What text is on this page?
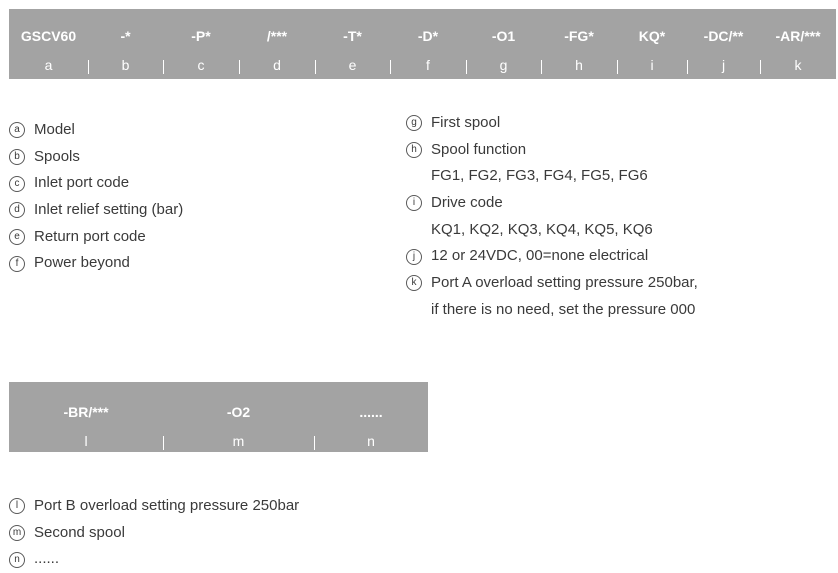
GSCV60	-*	-P*	/***	-T*	-D*	-O1	-FG*	KQ*	-DC/**	-AR/***
a	b	c	d	e	f	g	h	i	j	k
a Model
b Spools
c Inlet port code
d Inlet relief setting (bar)
e Return port code
f	Power beyond
g First spool
h Spool function
FG1, FG2, FG3, FG4, FG5, FG6
i	Drive code
KQ1, KQ2, KQ3, KQ4, KQ5, KQ6
j	12 or 24VDC, 00=none electrical
k Port A overload setting pressure 250bar,
if there is no need, set the pressure 000
-BR/***	-O2	......
l	m	n
l	Port B overload setting pressure 250bar
m Second spool
n ......
